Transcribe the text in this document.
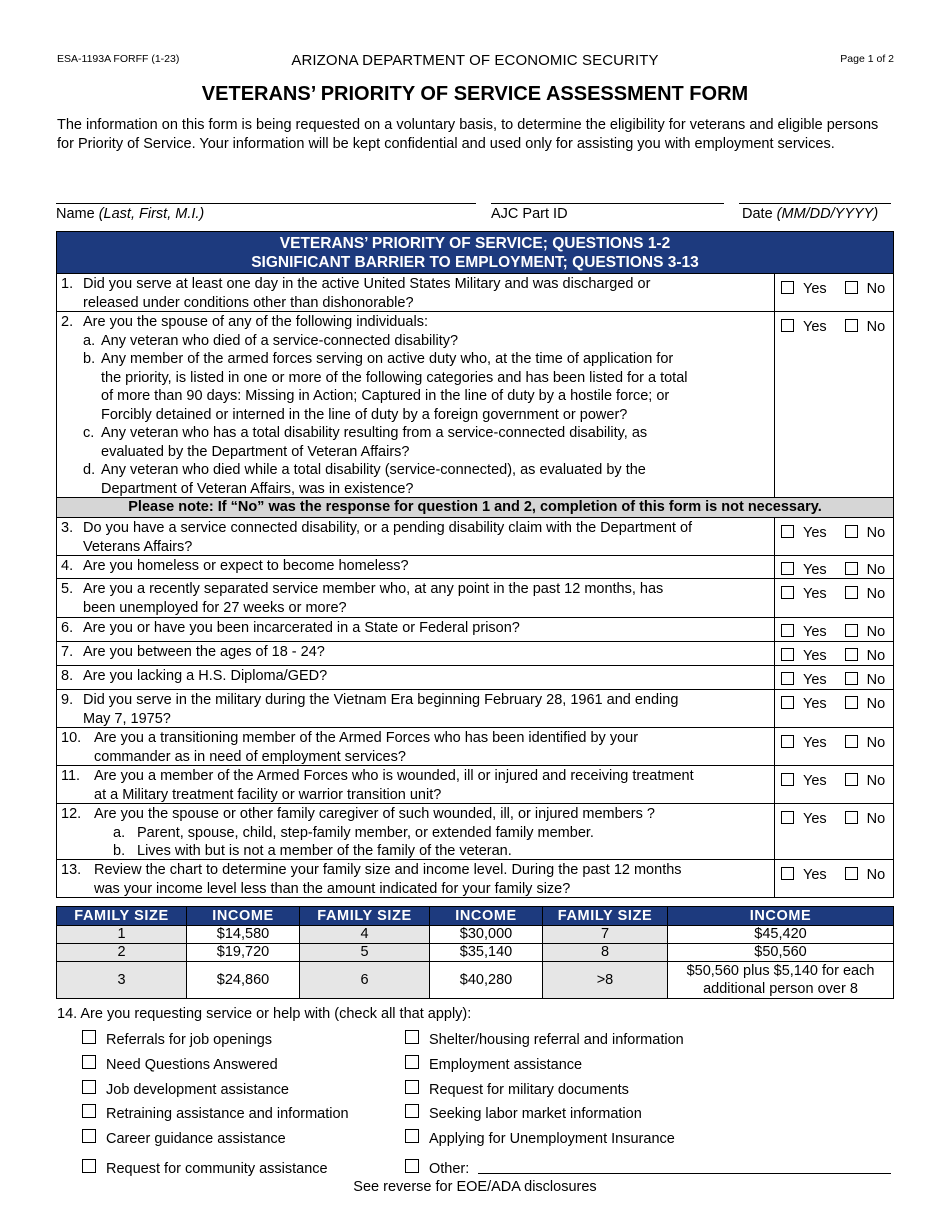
ESA-1193A FORFF (1-23)	ARIZONA DEPARTMENT OF ECONOMIC SECURITY	Page 1 of 2
VETERANS’ PRIORITY OF SERVICE ASSESSMENT FORM
The information on this form is being requested on a voluntary basis, to determine the eligibility for veterans and eligible persons for Priority of Service. Your information will be kept confidential and used only for assisting you with employment services.
Name (Last, First, M.I.)	AJC Part ID	Date (MM/DD/YYYY)
VETERANS’ PRIORITY OF SERVICE; QUESTIONS 1-2
SIGNIFICANT BARRIER TO EMPLOYMENT; QUESTIONS 3-13
1. Did you serve at least one day in the active United States Military and was discharged or
released under conditions other than dishonorable?
Yes	No
2. Are you the spouse of any of the following individuals:
a. Any veteran who died of a service-connected disability?
b. Any member of the armed forces serving on active duty who, at the time of application for
the priority, is listed in one or more of the following categories and has been listed for a total
of more than 90 days: Missing in Action; Captured in the line of duty by a hostile force; or
Forcibly detained or interned in the line of duty by a foreign government or power?
c. Any veteran who has a total disability resulting from a service-connected disability, as
evaluated by the Department of Veteran Affairs?
d. Any veteran who died while a total disability (service-connected), as evaluated by the
Department of Veteran Affairs, was in existence?
Yes	No
Please note: If “No” was the response for question 1 and 2, completion of this form is not necessary.
3. Do you have a service connected disability, or a pending disability claim with the Department of
Veterans Affairs?
Yes	No
4. Are you homeless or expect to become homeless?	Yes	No
5. Are you a recently separated service member who, at any point in the past 12 months, has
been unemployed for 27 weeks or more?
Yes	No
6. Are you or have you been incarcerated in a State or Federal prison?	Yes	No
7. Are you between the ages of 18 - 24?	Yes	No
8. Are you lacking a H.S. Diploma/GED?	Yes	No
9. Did you serve in the military during the Vietnam Era beginning February 28, 1961 and ending
May 7, 1975?
Yes	No
10. Are you a transitioning member of the Armed Forces who has been identified by your
commander as in need of employment services?
Yes	No
11. Are you a member of the Armed Forces who is wounded, ill or injured and receiving treatment
at a Military treatment facility or warrior transition unit?
Yes	No
12. Are you the spouse or other family caregiver of such wounded, ill, or injured members ?
a. Parent, spouse, child, step-family member, or extended family member.
b. Lives with but is not a member of the family of the veteran.
Yes	No
13. Review the chart to determine your family size and income level. During the past 12 months
was your income level less than the amount indicated for your family size?
Yes	No
FAMILY SIZE	INCOME	FAMILY SIZE	INCOME	FAMILY SIZE	INCOME
1	$14,580	4	$30,000	7	$45,420
2	$19,720	5	$35,140	8	$50,560
3	$24,860	6	$40,280	>8	$50,560 plus $5,140 for each additional person over 8
14. Are you requesting service or help with (check all that apply):
Referrals for job openings
Need Questions Answered
Job development assistance
Retraining assistance and information
Career guidance assistance
Request for community assistance
Shelter/housing referral and information
Employment assistance
Request for military documents
Seeking labor market information
Applying for Unemployment Insurance
Other:
See reverse for EOE/ADA disclosures
